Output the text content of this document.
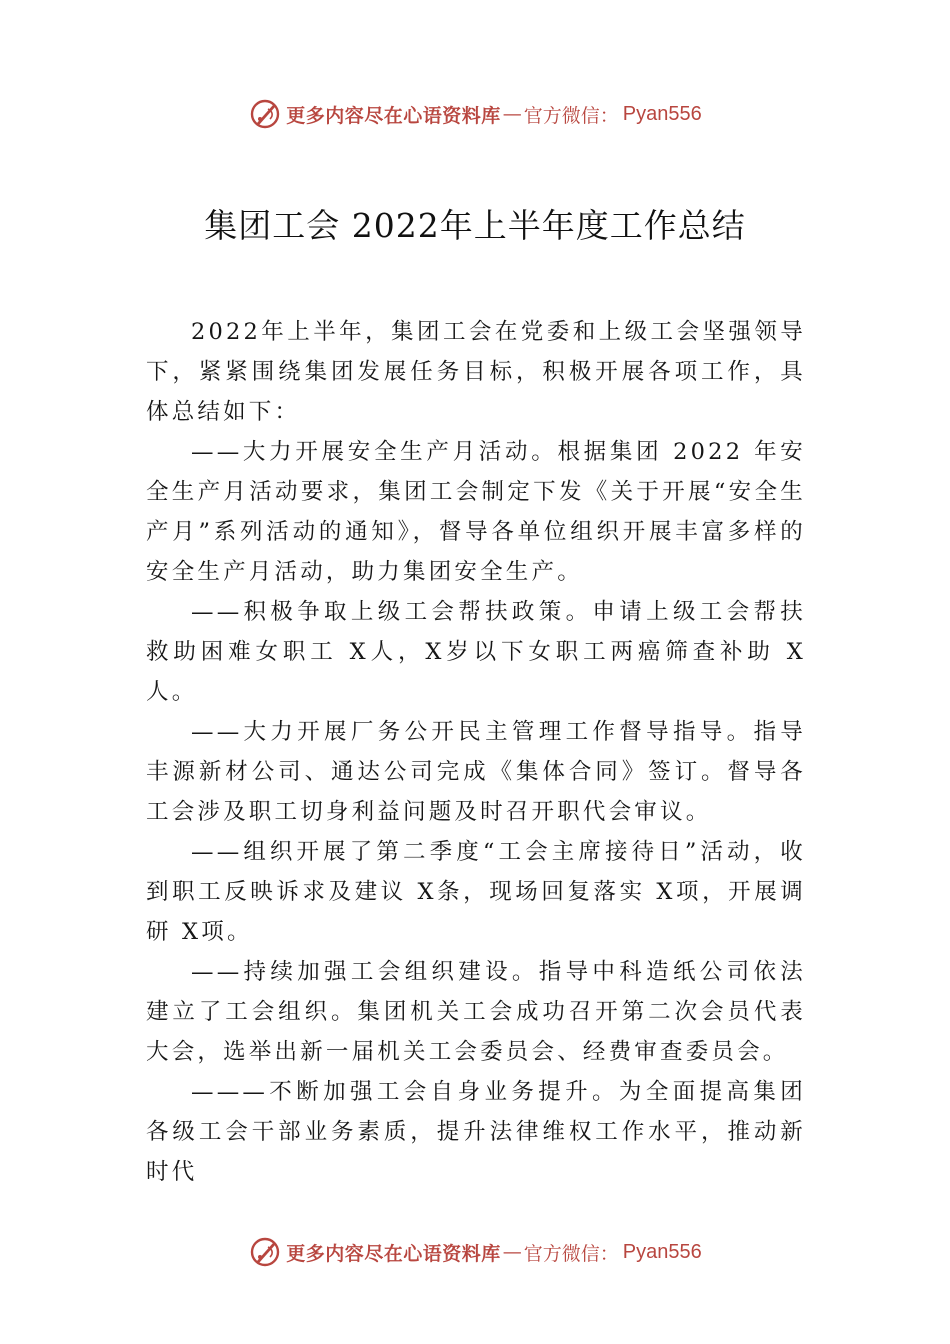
更多内容尽在心语资料库 — 官方微信： Pyan556
集团工会 2022年上半年度工作总结

2022年上半年，集团工会在党委和上级工会坚强领导下，紧紧围绕集团发展任务目标，积极开展各项工作，具体总结如下：

——大力开展安全生产月活动。根据集团 2022 年安全生产月活动要求，集团工会制定下发《关于开展“安全生产月”系列活动的通知》，督导各单位组织开展丰富多样的安全生产月活动，助力集团安全生产。

——积极争取上级工会帮扶政策。申请上级工会帮扶救助困难女职工 X人，X岁以下女职工两癌筛查补助 X人。

——大力开展厂务公开民主管理工作督导指导。指导丰源新材公司、通达公司完成《集体合同》签订。督导各工会涉及职工切身利益问题及时召开职代会审议。

——组织开展了第二季度“工会主席接待日”活动，收到职工反映诉求及建议 X条，现场回复落实 X项，开展调研 X项。

——持续加强工会组织建设。指导中科造纸公司依法建立了工会组织。集团机关工会成功召开第二次会员代表大会，选举出新一届机关工会委员会、经费审查委员会。

———不断加强工会自身业务提升。为全面提高集团各级工会干部业务素质，提升法律维权工作水平，推动新时代

更多内容尽在心语资料库 — 官方微信： Pyan556
